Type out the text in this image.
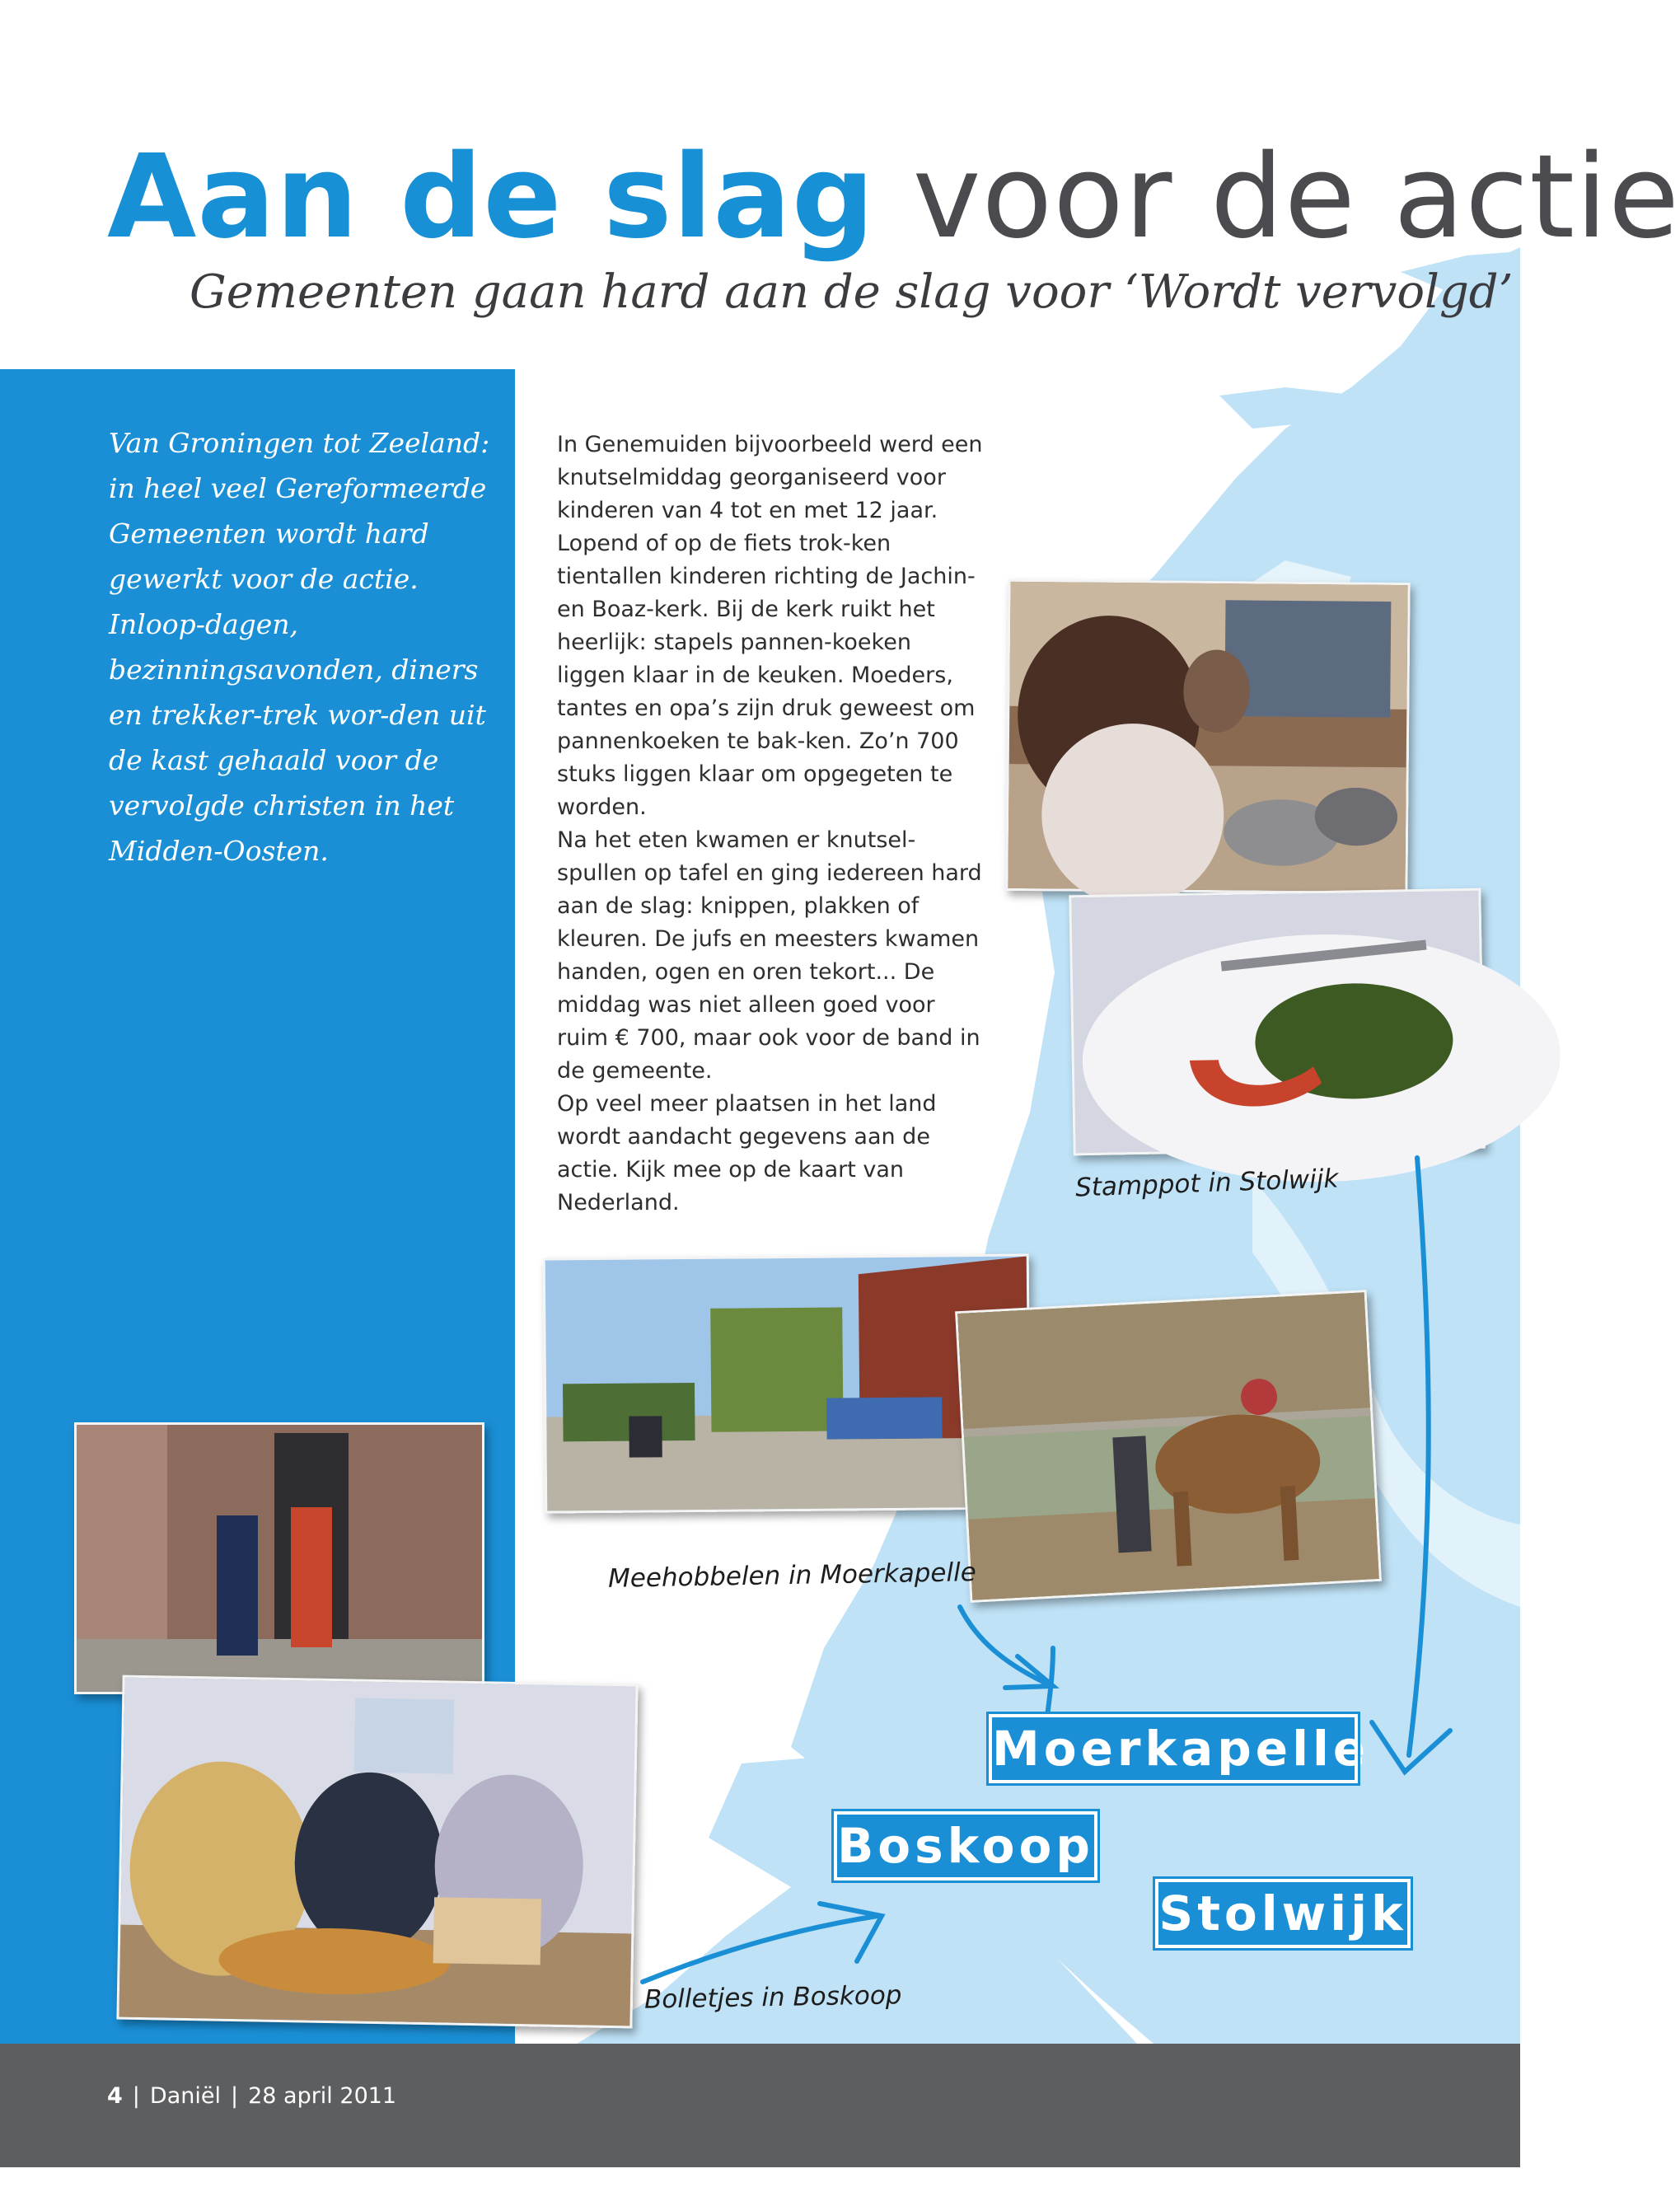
Aan de slag voor de actie
Gemeenten gaan hard aan de slag voor ‘Wordt vervolgd’
Van Groningen tot Zeeland: in heel veel Gereformeerde Gemeenten wordt hard gewerkt voor de actie. Inloop-dagen, bezinningsavonden, diners en trekker-trek wor-den uit de kast gehaald voor de vervolgde christen in het Midden-Oosten.

In Genemuiden bijvoorbeeld werd een knutselmiddag georganiseerd voor kinderen van 4 tot en met 12 jaar. Lopend of op de fiets trok-ken tientallen kinderen richting de Jachin- en Boaz-kerk. Bij de kerk ruikt het heerlijk: stapels pannen-koeken liggen klaar in de keuken. Moeders, tantes en opa’s zijn druk geweest om pannenkoeken te bak-ken. Zo’n 700 stuks liggen klaar om opgegeten te worden.

Na het eten kwamen er knutsel-spullen op tafel en ging iedereen hard aan de slag: knippen, plakken of kleuren. De jufs en meesters kwamen handen, ogen en oren tekort... De middag was niet alleen goed voor ruim € 700, maar ook voor de band in de gemeente.

Op veel meer plaatsen in het land wordt aandacht gegevens aan de actie. Kijk mee op de kaart van Nederland.	Stamppot in Stolwijk
Meehobbelen in Moerkapelle
Bolletjes in Boskoop
Moerkapelle
Boskoop
Stolwijk
4 | Daniël | 28 april 2011
